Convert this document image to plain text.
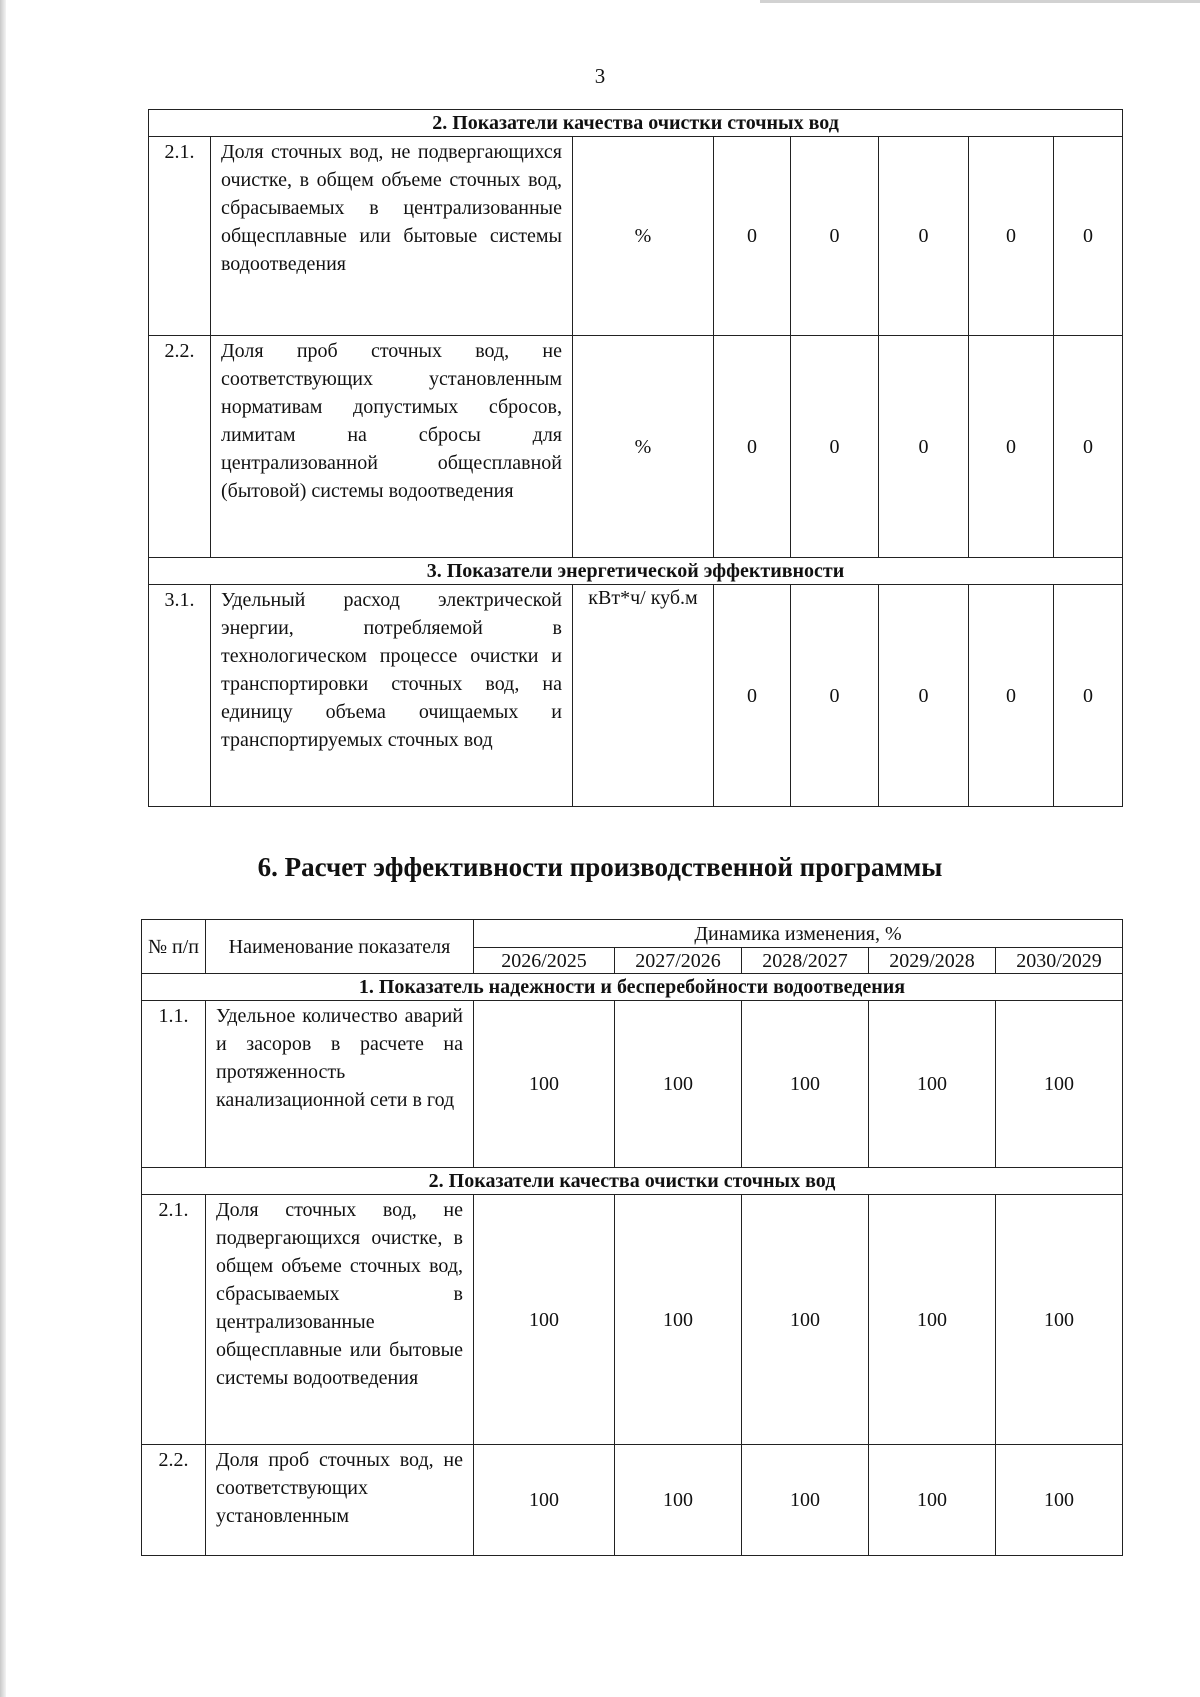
3
2. Показатели качества очистки сточных вод							
2.1.	Доля сточных вод, не подвергающихся очистке, в общем объеме сточных вод, сбрасываемых в централизованные общесплавные или бытовые системы водоотведения	%	0	0	0	0	0
2.2.	Доля проб сточных вод, не соответствующих установленным нормативам допустимых сбросов, лимитам на сбросы для централизованной общесплавной (бытовой) системы водоотведения	%	0	0	0	0	0
3. Показатели энергетической эффективности							
3.1.	Удельный расход электрической энергии, потребляемой в технологическом процессе очистки и транспортировки сточных вод, на единицу объема очищаемых и транспортируемых сточных вод	кВт*ч/ куб.м	0	0	0	0	0
6. Расчет эффективности производственной программы
№ п/п	Наименование показателя	Динамика изменения, %				
		2026/2025	2027/2026	2028/2027	2029/2028	2030/2029
1. Показатель надежности и бесперебойности водоотведения						
1.1.	Удельное количество аварий и засоров в расчете на протяженность канализационной сети в год	100	100	100	100	100
2. Показатели качества очистки сточных вод						
2.1.	Доля сточных вод, не подвергающихся очистке, в общем объеме сточных вод, сбрасываемых в централизованные общесплавные или бытовые системы водоотведения	100	100	100	100	100
2.2.	Доля проб сточных вод, не соответствующих установленным	100	100	100	100	100
